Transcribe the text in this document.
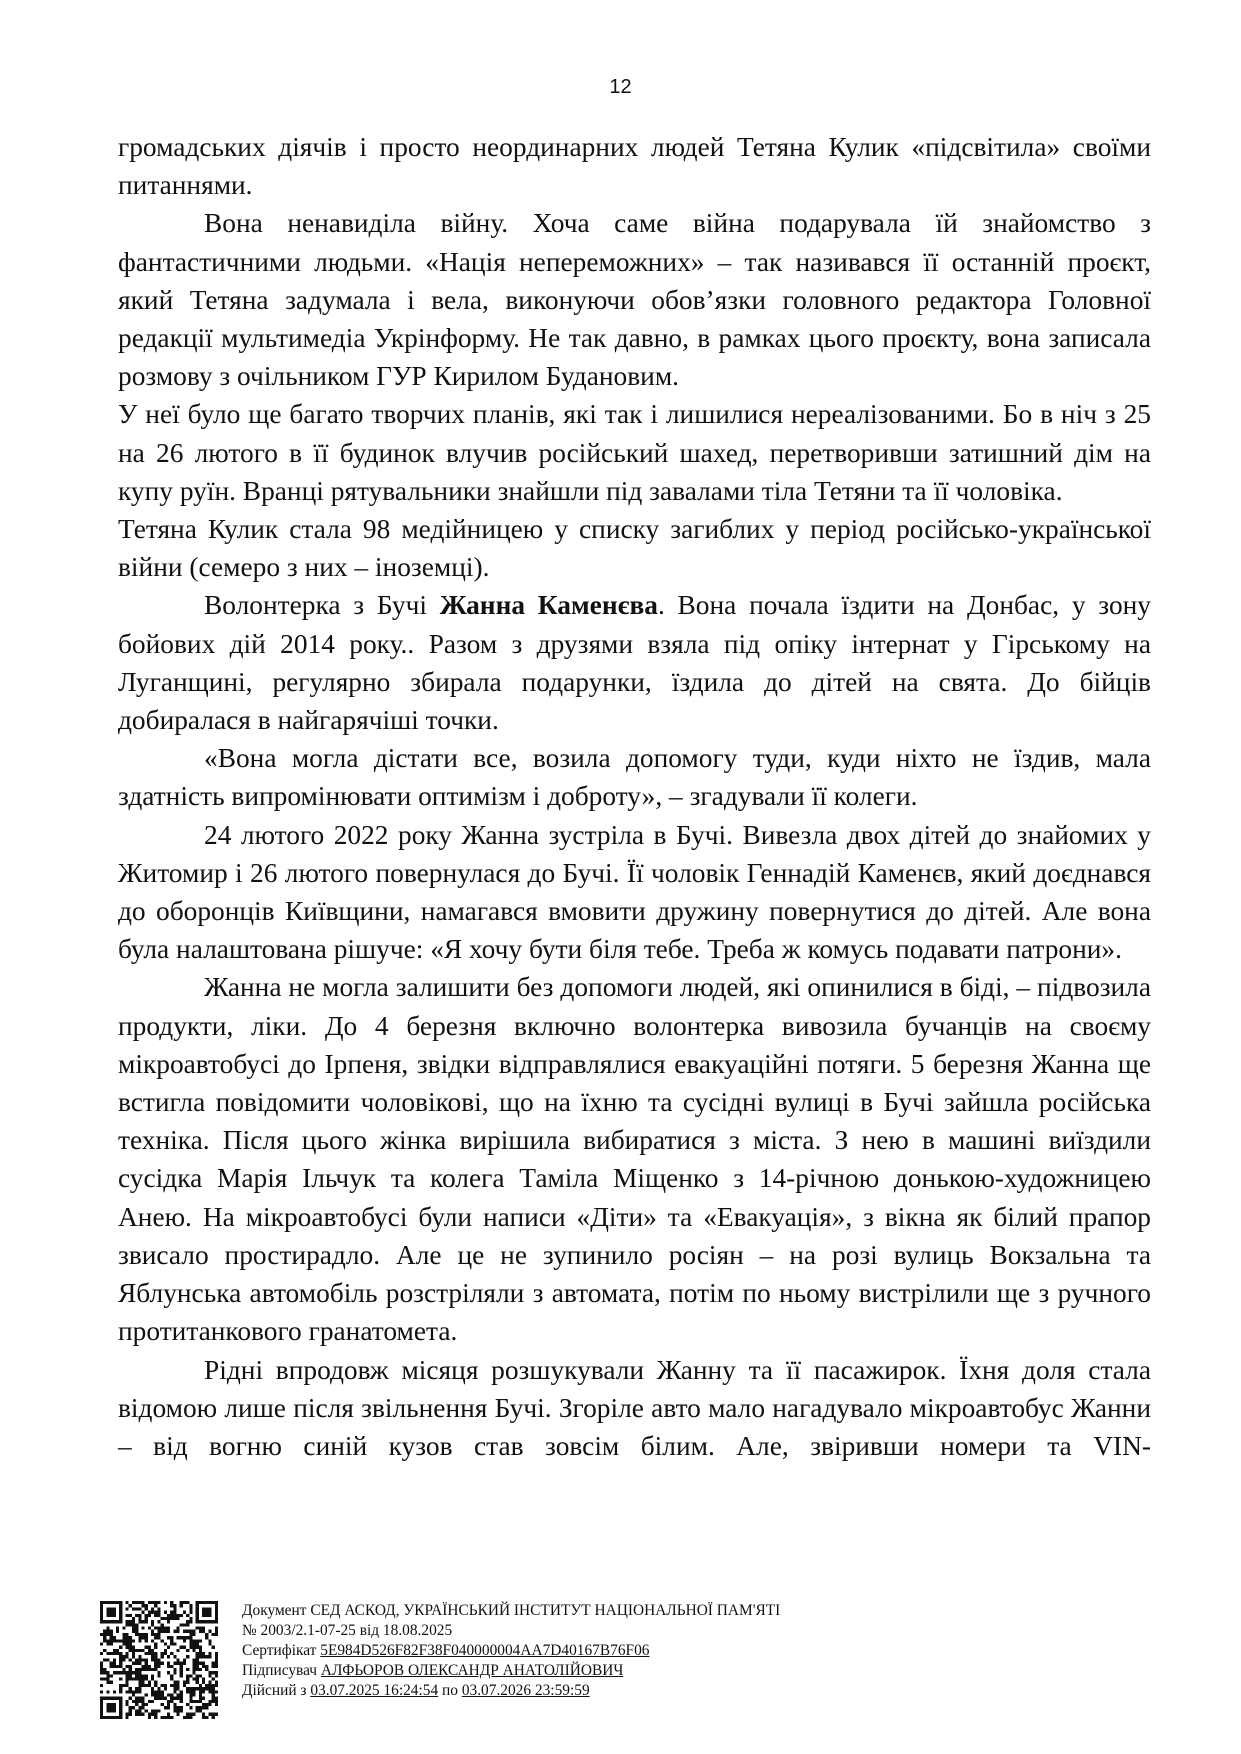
12

громадських діячів і просто неординарних людей Тетяна Кулик «підсвітила» своїми питаннями.

Вона ненавиділа війну. Хоча саме війна подарувала їй знайомство з фантастичними людьми. «Нація непереможних» – так називався її останній проєкт, який Тетяна задумала і вела, виконуючи обов’язки головного редактора Головної редакції мультимедіа Укрінформу. Не так давно, в рамках цього проєкту, вона записала розмову з очільником ГУР Кирилом Будановим.

У неї було ще багато творчих планів, які так і лишилися нереалізованими. Бо в ніч з 25 на 26 лютого в її будинок влучив російський шахед, перетворивши затишний дім на купу руїн. Вранці рятувальники знайшли під завалами тіла Тетяни та її чоловіка.

Тетяна Кулик стала 98 медійницею у списку загиблих у період російсько-української війни (семеро з них – іноземці).

Волонтерка з Бучі Жанна Каменєва. Вона почала їздити на Донбас, у зону бойових дій 2014 року.. Разом з друзями взяла під опіку інтернат у Гірському на Луганщині, регулярно збирала подарунки, їздила до дітей на свята. До бійців добиралася в найгарячіші точки.

«Вона могла дістати все, возила допомогу туди, куди ніхто не їздив, мала здатність випромінювати оптимізм і доброту», – згадували її колеги.

24 лютого 2022 року Жанна зустріла в Бучі. Вивезла двох дітей до знайомих у Житомир і 26 лютого повернулася до Бучі. Її чоловік Геннадій Каменєв, який доєднався до оборонців Київщини, намагався вмовити дружину повернутися до дітей. Але вона була налаштована рішуче: «Я хочу бути біля тебе. Треба ж комусь подавати патрони».

Жанна не могла залишити без допомоги людей, які опинилися в біді, – підвозила продукти, ліки. До 4 березня включно волонтерка вивозила бучанців на своєму мікроавтобусі до Ірпеня, звідки відправлялися евакуаційні потяги. 5 березня Жанна ще встигла повідомити чоловікові, що на їхню та сусідні вулиці в Бучі зайшла російська техніка. Після цього жінка вирішила вибиратися з міста. З нею в машині виїздили сусідка Марія Ільчук та колега Таміла Міщенко з 14-річною донькою-художницею Анею. На мікроавтобусі були написи «Діти» та «Евакуація», з вікна як білий прапор звисало простирадло. Але це не зупинило росіян – на розі вулиць Вокзальна та Яблунська автомобіль розстріляли з автомата, потім по ньому вистрілили ще з ручного протитанкового гранатомета.

Рідні впродовж місяця розшукували Жанну та її пасажирок. Їхня доля стала відомою лише після звільнення Бучі. Згоріле авто мало нагадувало мікроавтобус Жанни – від вогню синій кузов став зовсім білим. Але, звіривши номери та VIN-

Документ СЕД АСКОД, УКРАЇНСЬКИЙ ІНСТИТУТ НАЦІОНАЛЬНОЇ ПАМ'ЯТІ
№ 2003/2.1-07-25 від 18.08.2025
Сертифікат 5E984D526F82F38F040000004AA7D40167B76F06
Підписувач АЛФЬОРОВ ОЛЕКСАНДР АНАТОЛІЙОВИЧ
Дійсний з 03.07.2025 16:24:54 по 03.07.2026 23:59:59
